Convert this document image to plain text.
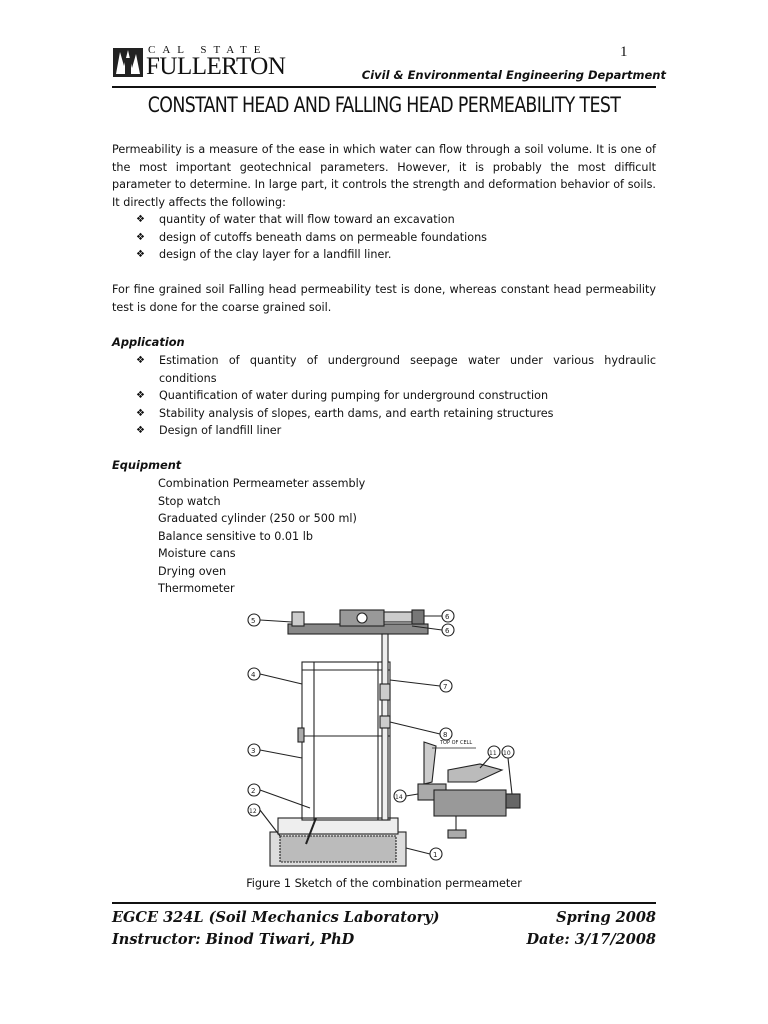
CAL STATE
FULLERTON
1
Civil & Environmental Engineering Department
CONSTANT HEAD AND FALLING HEAD PERMEABILITY TEST
Permeability is a measure of the ease in which water can flow through a soil volume. It is one of the most important geotechnical parameters. However, it is probably the most difficult parameter to determine. In large part, it controls the strength and deformation behavior of soils. It directly affects the following:
❖ quantity of water that will flow toward an excavation
❖ design of cutoffs beneath dams on permeable foundations
❖ design of the clay layer for a landfill liner.
For fine grained soil Falling head permeability test is done, whereas constant head permeability test is done for the coarse grained soil.
Application
❖ Estimation of quantity of underground seepage water under various hydraulic conditions
❖ Quantification of water during pumping for underground construction
❖ Stability analysis of slopes, earth dams, and earth retaining structures
❖ Design of landfill liner
Equipment
Combination Permeameter assembly
Stop watch
Graduated cylinder (250 or 500 ml)
Balance sensitive to 0.01 lb
Moisture cans
Drying oven
Thermometer
TOP OF CELL
5
4
3
2
12
6
6
7
8
11 10
14
1
Figure 1 Sketch of the combination permeameter
EGCE 324L (Soil Mechanics Laboratory)	Spring 2008
Instructor: Binod Tiwari, PhD	Date: 3/17/2008
